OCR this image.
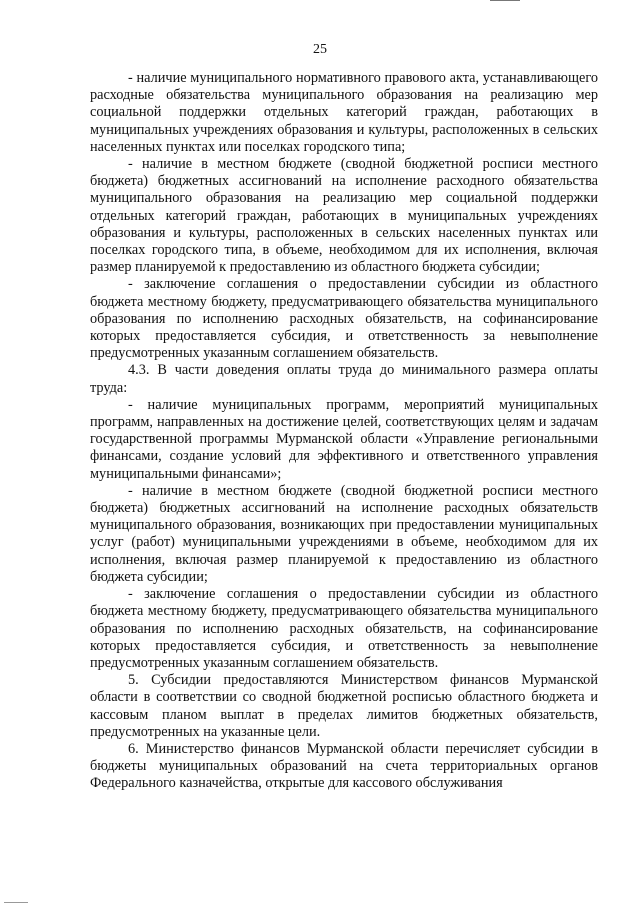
25

- наличие муниципального нормативного правового акта, устанавливающего расходные обязательства муниципального образования на реализацию мер социальной поддержки отдельных категорий граждан, работающих в муниципальных учреждениях образования и культуры, расположенных в сельских населенных пунктах или поселках городского типа;

- наличие в местном бюджете (сводной бюджетной росписи местного бюджета) бюджетных ассигнований на исполнение расходного обязательства муниципального образования на реализацию мер социальной поддержки отдельных категорий граждан, работающих в муниципальных учреждениях образования и культуры, расположенных в сельских населенных пунктах или поселках городского типа, в объеме, необходимом для их исполнения, включая размер планируемой к предоставлению из областного бюджета субсидии;

- заключение соглашения о предоставлении субсидии из областного бюджета местному бюджету, предусматривающего обязательства муниципального образования по исполнению расходных обязательств, на софинансирование которых предоставляется субсидия, и ответственность за невыполнение предусмотренных указанным соглашением обязательств.

4.3. В части доведения оплаты труда до минимального размера оплаты труда:

- наличие муниципальных программ, мероприятий муниципальных программ, направленных на достижение целей, соответствующих целям и задачам государственной программы Мурманской области «Управление региональными финансами, создание условий для эффективного и ответственного управления муниципальными финансами»;

- наличие в местном бюджете (сводной бюджетной росписи местного бюджета) бюджетных ассигнований на исполнение расходных обязательств муниципального образования, возникающих при предоставлении муниципальных услуг (работ) муниципальными учреждениями в объеме, необходимом для их исполнения, включая размер планируемой к предоставлению из областного бюджета субсидии;

- заключение соглашения о предоставлении субсидии из областного бюджета местному бюджету, предусматривающего обязательства муниципального образования по исполнению расходных обязательств, на софинансирование которых предоставляется субсидия, и ответственность за невыполнение предусмотренных указанным соглашением обязательств.

5. Субсидии предоставляются Министерством финансов Мурманской области в соответствии со сводной бюджетной росписью областного бюджета и кассовым планом выплат в пределах лимитов бюджетных обязательств, предусмотренных на указанные цели.

6. Министерство финансов Мурманской области перечисляет субсидии в бюджеты муниципальных образований на счета территориальных органов Федерального казначейства, открытые для кассового обслуживания
